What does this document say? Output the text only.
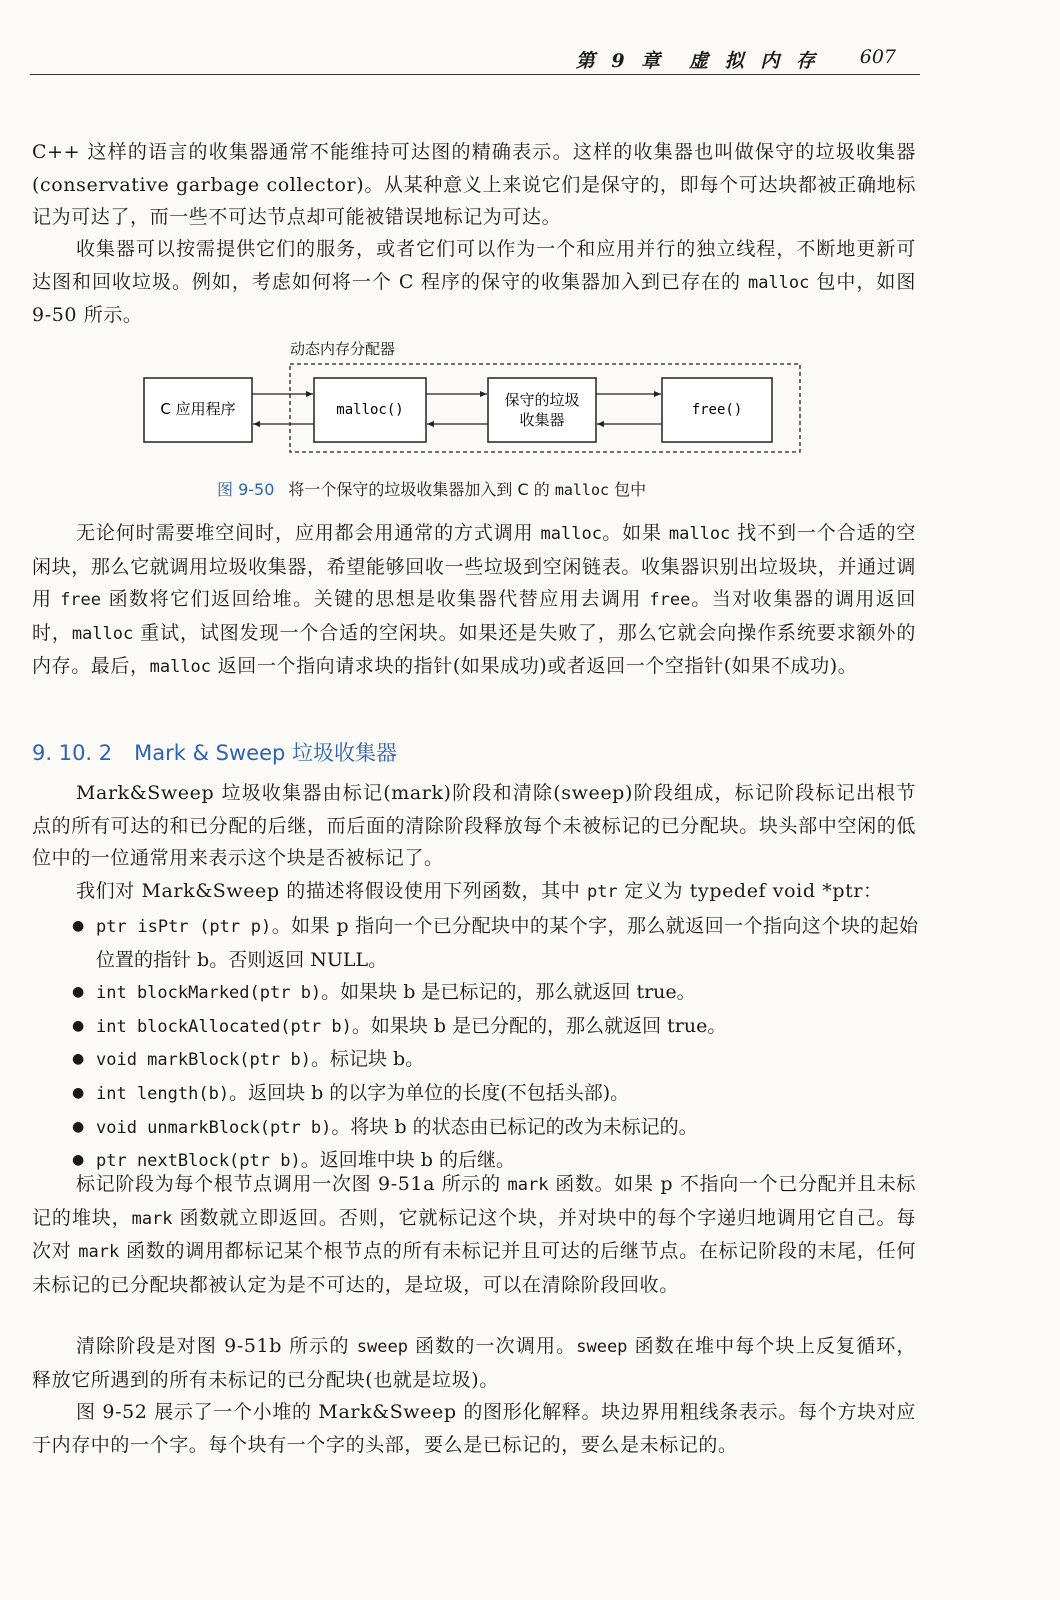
第 9 章　虚 拟 内 存 607

C++ 这样的语言的收集器通常不能维持可达图的精确表示。这样的收集器也叫做保守的垃圾收集器(conservative garbage collector)。从某种意义上来说它们是保守的，即每个可达块都被正确地标记为可达了，而一些不可达节点却可能被错误地标记为可达。

收集器可以按需提供它们的服务，或者它们可以作为一个和应用并行的独立线程，不断地更新可达图和回收垃圾。例如，考虑如何将一个 C 程序的保守的收集器加入到已存在的 malloc 包中，如图 9-50 所示。

动态内存分配器
C 应用程序	malloc()
保守的垃圾
收集器
free()
图 9-50 将一个保守的垃圾收集器加入到 C 的 malloc 包中

无论何时需要堆空间时，应用都会用通常的方式调用 malloc。如果 malloc 找不到一个合适的空闲块，那么它就调用垃圾收集器，希望能够回收一些垃圾到空闲链表。收集器识别出垃圾块，并通过调用 free 函数将它们返回给堆。关键的思想是收集器代替应用去调用 free。当对收集器的调用返回时，malloc 重试，试图发现一个合适的空闲块。如果还是失败了，那么它就会向操作系统要求额外的内存。最后，malloc 返回一个指向请求块的指针(如果成功)或者返回一个空指针(如果不成功)。

9. 10. 2 Mark & Sweep 垃圾收集器

Mark&Sweep 垃圾收集器由标记(mark)阶段和清除(sweep)阶段组成，标记阶段标记出根节点的所有可达的和已分配的后继，而后面的清除阶段释放每个未被标记的已分配块。块头部中空闲的低位中的一位通常用来表示这个块是否被标记了。

我们对 Mark&Sweep 的描述将假设使用下列函数，其中 ptr 定义为 typedef void *ptr：

● ptr isPtr (ptr p)。如果 p 指向一个已分配块中的某个字，那么就返回一个指向这个块的起始位置的指针 b。否则返回 NULL。
● int blockMarked(ptr b)。如果块 b 是已标记的，那么就返回 true。
● int blockAllocated(ptr b)。如果块 b 是已分配的，那么就返回 true。
● void markBlock(ptr b)。标记块 b。
● int length(b)。返回块 b 的以字为单位的长度(不包括头部)。
● void unmarkBlock(ptr b)。将块 b 的状态由已标记的改为未标记的。
● ptr nextBlock(ptr b)。返回堆中块 b 的后继。

标记阶段为每个根节点调用一次图 9-51a 所示的 mark 函数。如果 p 不指向一个已分配并且未标记的堆块，mark 函数就立即返回。否则，它就标记这个块，并对块中的每个字递归地调用它自己。每次对 mark 函数的调用都标记某个根节点的所有未标记并且可达的后继节点。在标记阶段的末尾，任何未标记的已分配块都被认定为是不可达的，是垃圾，可以在清除阶段回收。

清除阶段是对图 9-51b 所示的 sweep 函数的一次调用。sweep 函数在堆中每个块上反复循环，释放它所遇到的所有未标记的已分配块(也就是垃圾)。

图 9-52 展示了一个小堆的 Mark&Sweep 的图形化解释。块边界用粗线条表示。每个方块对应于内存中的一个字。每个块有一个字的头部，要么是已标记的，要么是未标记的。
